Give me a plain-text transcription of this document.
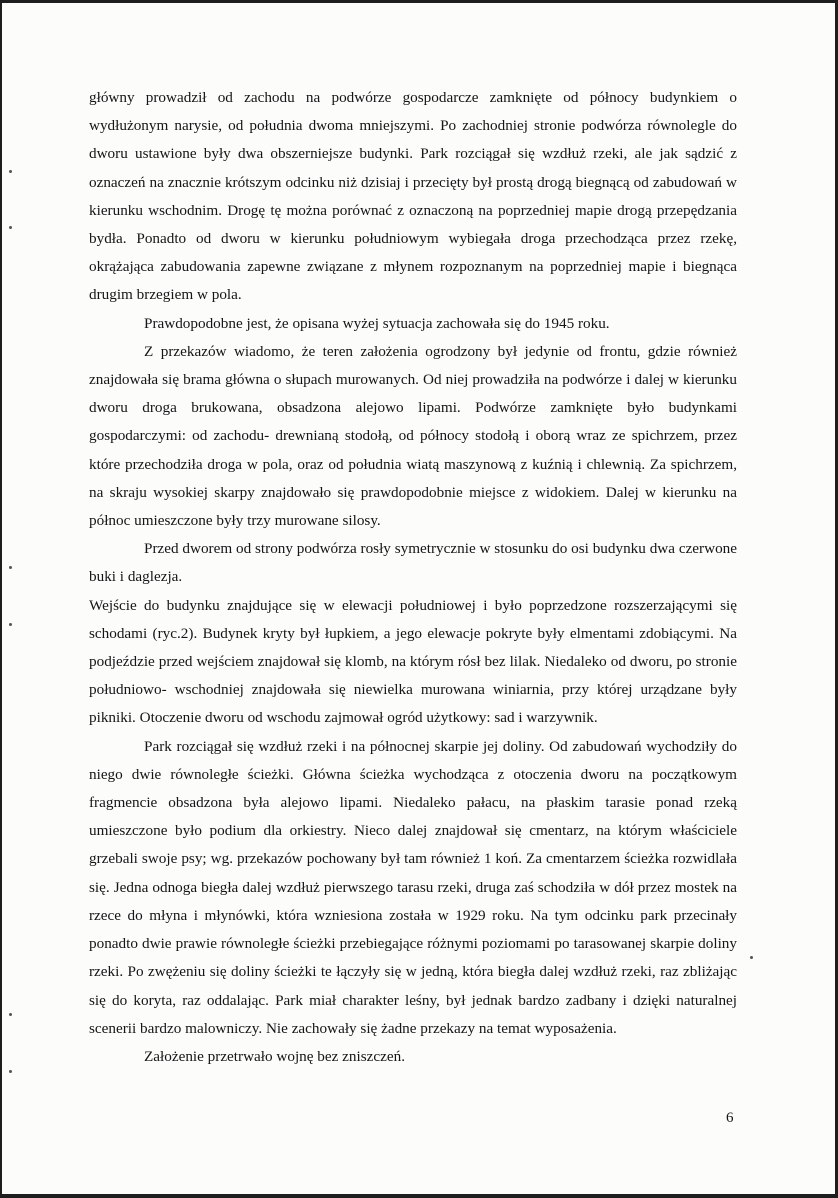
główny prowadził od zachodu na podwórze gospodarcze zamknięte od północy budynkiem o wydłużonym narysie, od południa dwoma mniejszymi. Po zachodniej stronie podwórza równolegle do dworu ustawione były dwa obszerniejsze budynki. Park rozciągał się wzdłuż rzeki, ale jak sądzić z oznaczeń na znacznie krótszym odcinku niż dzisiaj i przecięty był prostą drogą biegnącą od zabudowań w kierunku wschodnim. Drogę tę można porównać z oznaczoną na poprzedniej mapie drogą przepędzania bydła. Ponadto od dworu w kierunku południowym wybiegała droga przechodząca przez rzekę, okrążająca zabudowania zapewne związane z młynem rozpoznanym na poprzedniej mapie i biegnąca drugim brzegiem w pola.

Prawdopodobne jest, że opisana wyżej sytuacja zachowała się do 1945 roku.

Z przekazów wiadomo, że teren założenia ogrodzony był jedynie od frontu, gdzie również znajdowała się brama główna o słupach murowanych. Od niej prowadziła na podwórze i dalej w kierunku dworu droga brukowana, obsadzona alejowo lipami. Podwórze zamknięte było budynkami gospodarczymi: od zachodu- drewnianą stodołą, od północy stodołą i oborą wraz ze spichrzem, przez które przechodziła droga w pola, oraz od południa wiatą maszynową z kuźnią i chlewnią. Za spichrzem, na skraju wysokiej skarpy znajdowało się prawdopodobnie miejsce z widokiem. Dalej w kierunku na północ umieszczone były trzy murowane silosy.

Przed dworem od strony podwórza rosły symetrycznie w stosunku do osi budynku dwa czerwone buki i daglezja.

Wejście do budynku znajdujące się w elewacji południowej i było poprzedzone rozszerzającymi się schodami (ryc.2). Budynek kryty był łupkiem, a jego elewacje pokryte były elmentami zdobiącymi. Na podjeździe przed wejściem znajdował się klomb, na którym rósł bez lilak. Niedaleko od dworu, po stronie południowo- wschodniej znajdowała się niewielka murowana winiarnia, przy której urządzane były pikniki. Otoczenie dworu od wschodu zajmował ogród użytkowy: sad i warzywnik.

Park rozciągał się wzdłuż rzeki i na północnej skarpie jej doliny. Od zabudowań wychodziły do niego dwie równoległe ścieżki. Główna ścieżka wychodząca z otoczenia dworu na początkowym fragmencie obsadzona była alejowo lipami. Niedaleko pałacu, na płaskim tarasie ponad rzeką umieszczone było podium dla orkiestry. Nieco dalej znajdował się cmentarz, na którym właściciele grzebali swoje psy; wg. przekazów pochowany był tam również 1 koń. Za cmentarzem ścieżka rozwidlała się. Jedna odnoga biegła dalej wzdłuż pierwszego tarasu rzeki, druga zaś schodziła w dół przez mostek na rzece do młyna i młynówki, która wzniesiona została w 1929 roku. Na tym odcinku park przecinały ponadto dwie prawie równoległe ścieżki przebiegające różnymi poziomami po tarasowanej skarpie doliny rzeki. Po zwężeniu się doliny ścieżki te łączyły się w jedną, która biegła dalej wzdłuż rzeki, raz zbliżając się do koryta, raz oddalając. Park miał charakter leśny, był jednak bardzo zadbany i dzięki naturalnej scenerii bardzo malowniczy. Nie zachowały się żadne przekazy na temat wyposażenia.

Założenie przetrwało wojnę bez zniszczeń.

6
